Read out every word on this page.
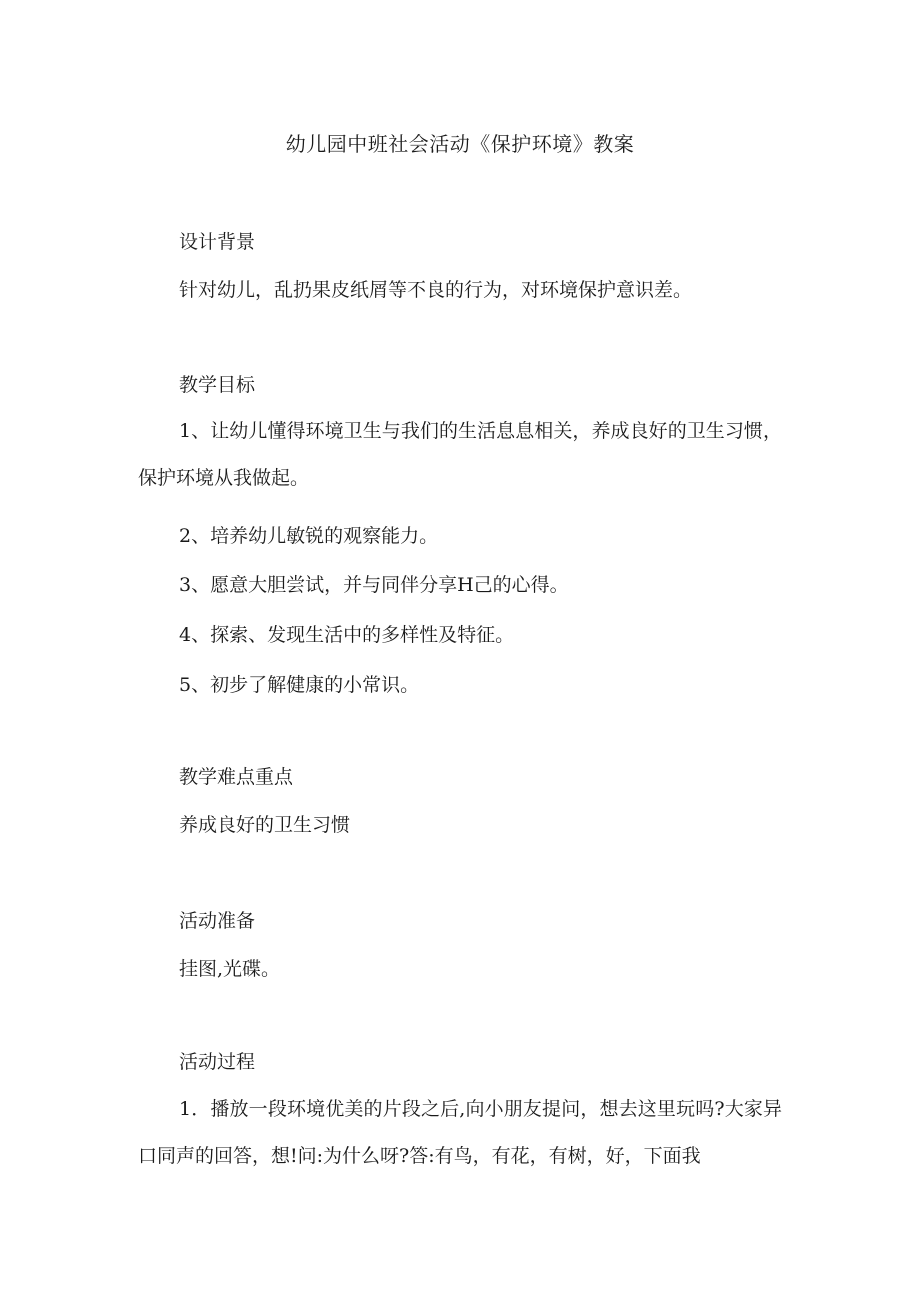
幼儿园中班社会活动《保护环境》教案
设计背景
针对幼儿，乱扔果皮纸屑等不良的行为，对环境保护意识差。
教学目标
1、让幼儿懂得环境卫生与我们的生活息息相关，养成良好的卫生习惯，保护环境从我做起。
2、培养幼儿敏锐的观察能力。
3、愿意大胆尝试，并与同伴分享H己的心得。
4、探索、发现生活中的多样性及特征。
5、初步了解健康的小常识。
教学难点重点
养成良好的卫生习惯
活动准备
挂图,光碟。
活动过程
1．播放一段环境优美的片段之后,向小朋友提问，想去这里玩吗?大家异口同声的回答，想!问:为什么呀?答:有鸟，有花，有树，好，下面我
